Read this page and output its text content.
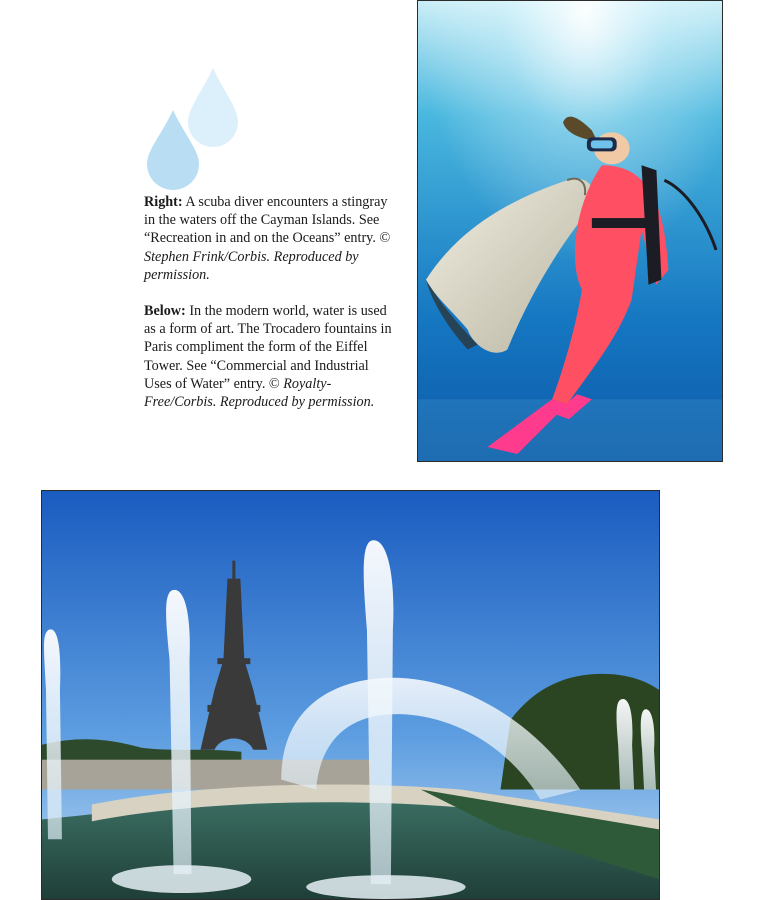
Right: A scuba diver encounters a stingray in the waters off the Cayman Islands. See “Recreation in and on the Oceans” entry. © Stephen Frink/Corbis. Reproduced by permission.

Below: In the modern world, water is used as a form of art. The Trocadero fountains in Paris compliment the form of the Eiffel Tower. See “Commercial and Industrial Uses of Water” entry. © Royalty-Free/Corbis. Reproduced by permission.
